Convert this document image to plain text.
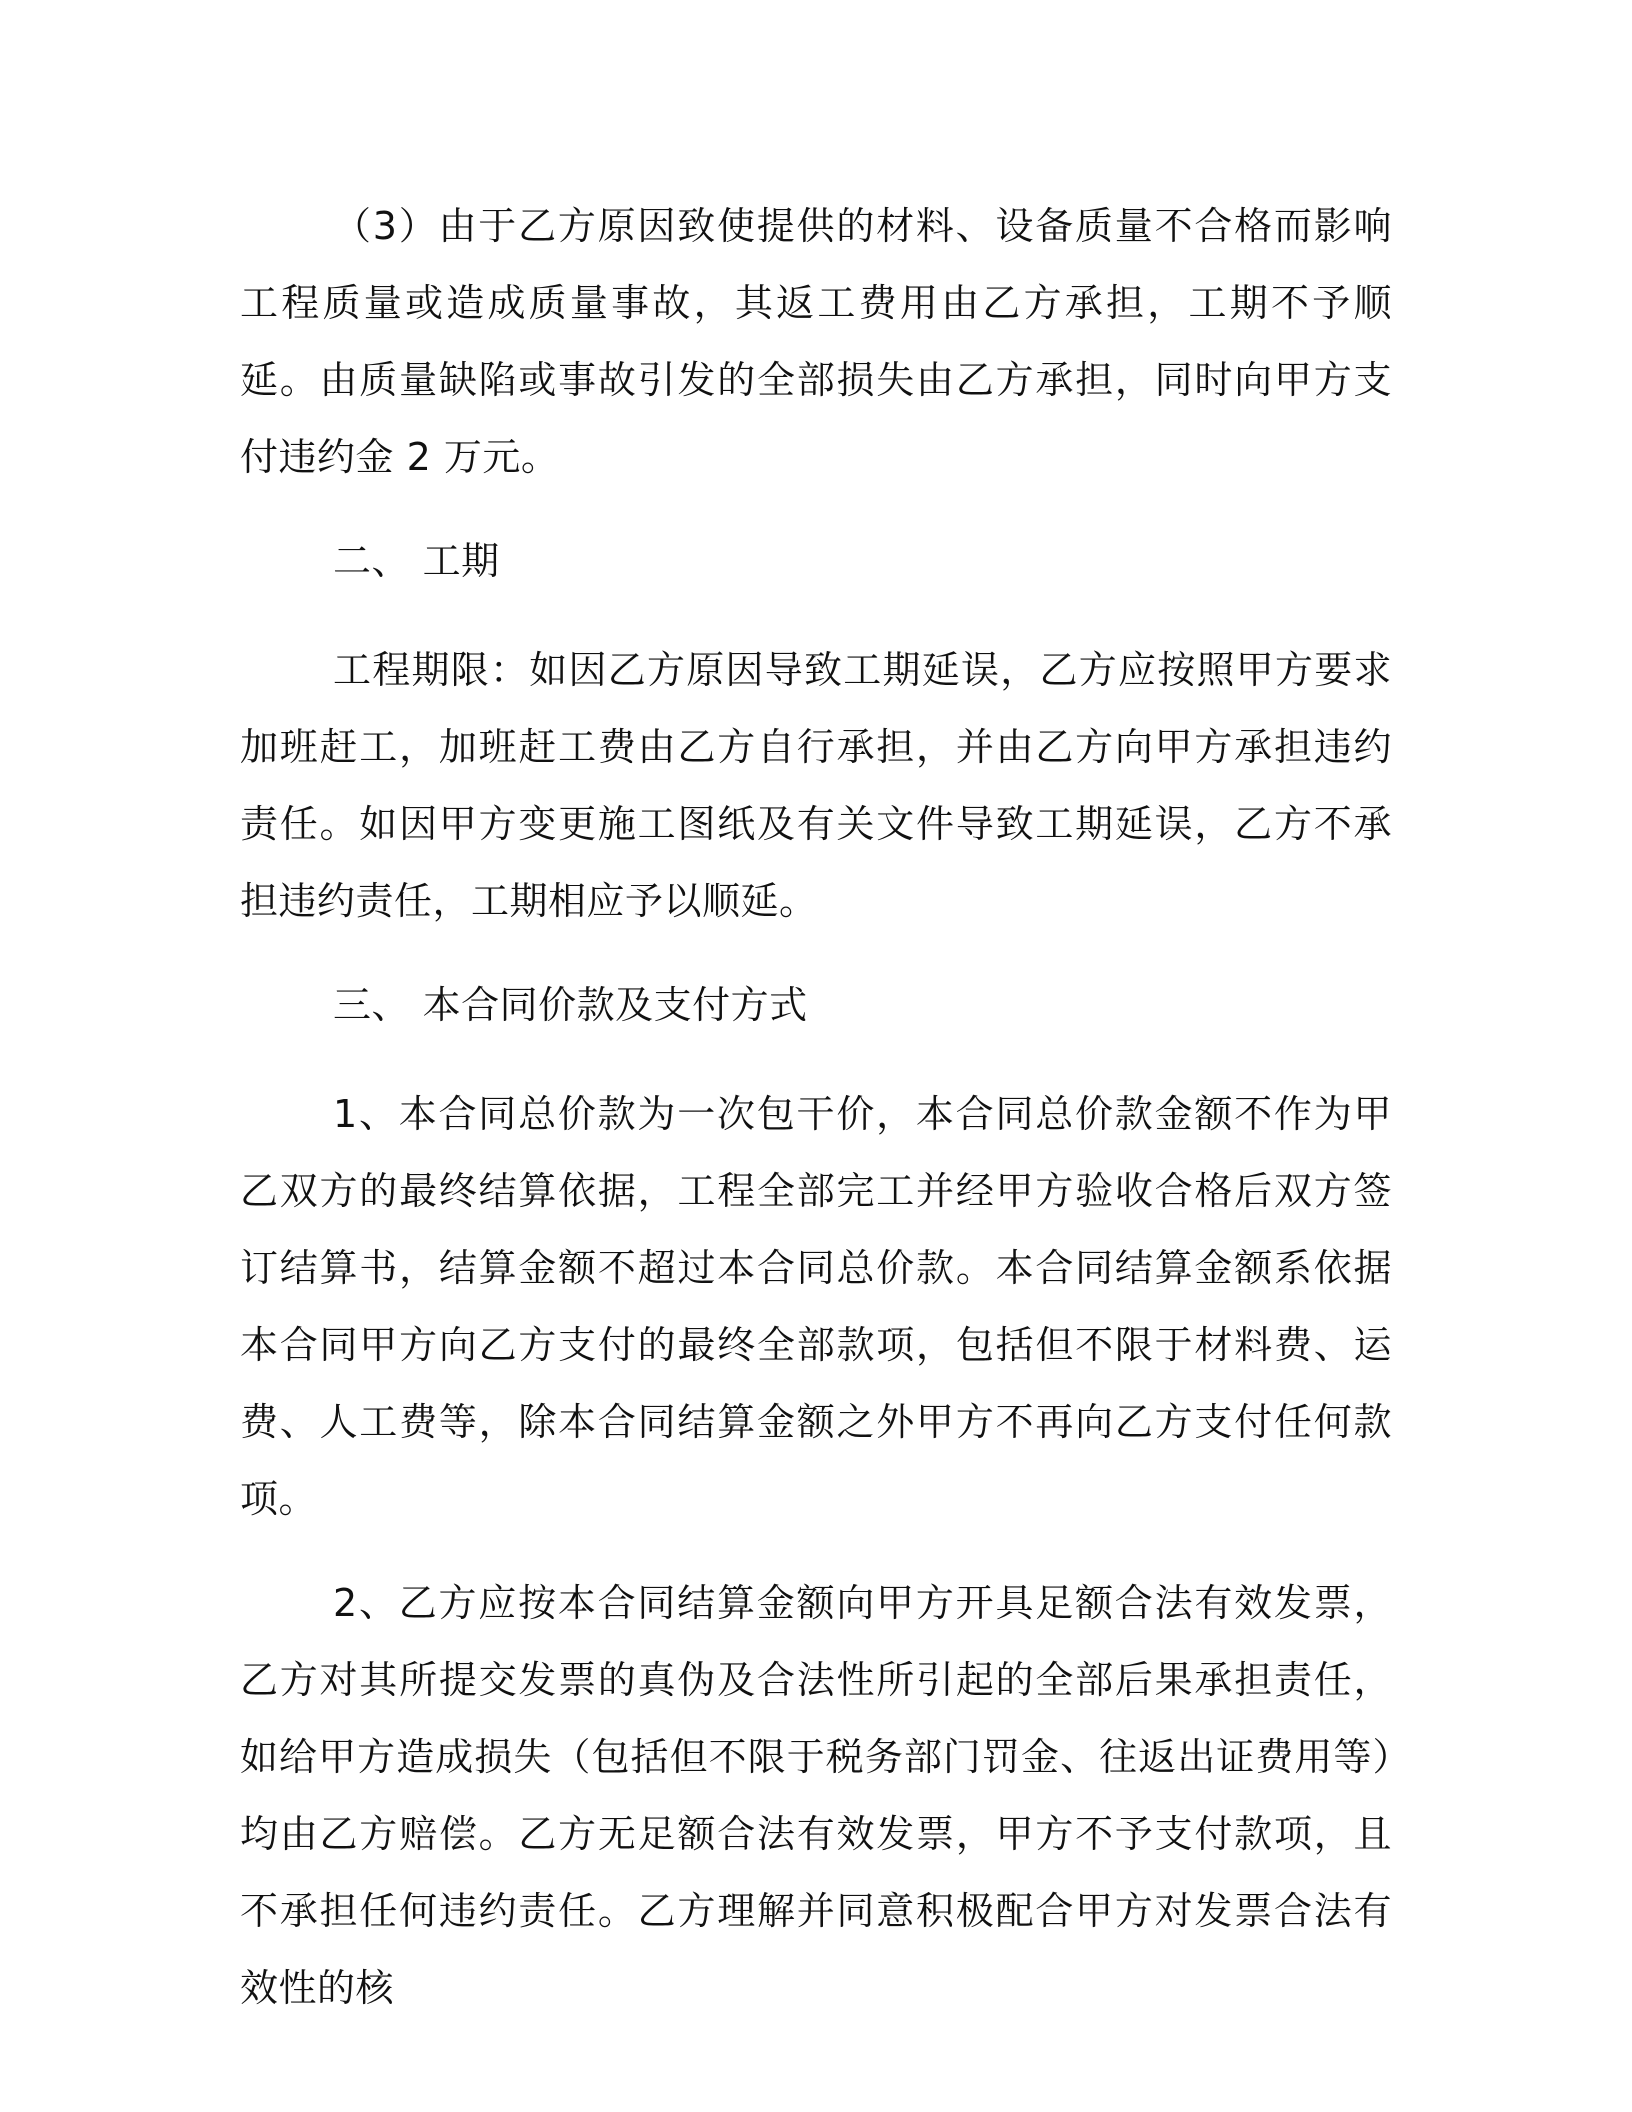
（3）由于乙方原因致使提供的材料、设备质量不合格而影响工程质量或造成质量事故，其返工费用由乙方承担，工期不予顺延。由质量缺陷或事故引发的全部损失由乙方承担，同时向甲方支付违约金 2 万元。

二、 工期

工程期限：如因乙方原因导致工期延误，乙方应按照甲方要求加班赶工，加班赶工费由乙方自行承担，并由乙方向甲方承担违约责任。如因甲方变更施工图纸及有关文件导致工期延误，乙方不承担违约责任，工期相应予以顺延。

三、 本合同价款及支付方式

1、本合同总价款为一次包干价，本合同总价款金额不作为甲乙双方的最终结算依据，工程全部完工并经甲方验收合格后双方签订结算书，结算金额不超过本合同总价款。本合同结算金额系依据本合同甲方向乙方支付的最终全部款项，包括但不限于材料费、运费、人工费等，除本合同结算金额之外甲方不再向乙方支付任何款项。

2、乙方应按本合同结算金额向甲方开具足额合法有效发票，乙方对其所提交发票的真伪及合法性所引起的全部后果承担责任，如给甲方造成损失（包括但不限于税务部门罚金、往返出证费用等）均由乙方赔偿。乙方无足额合法有效发票，甲方不予支付款项，且不承担任何违约责任。乙方理解并同意积极配合甲方对发票合法有效性的核
